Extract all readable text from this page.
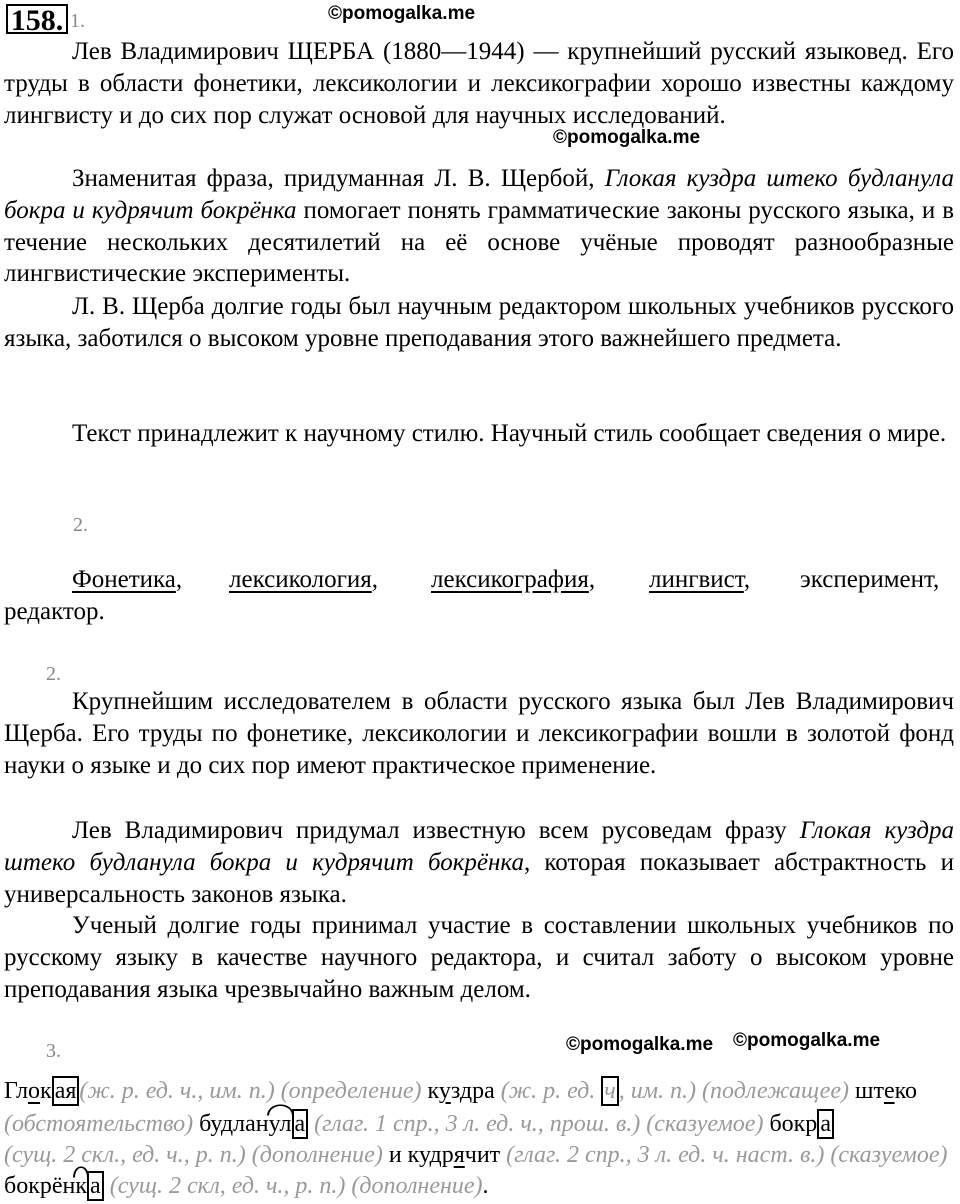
158. 1.	©pomogalka.me
Лев Владимирович ЩЕРБА (1880—1944) — крупнейший русский языковед. Его труды в области фонетики, лексикологии и лексикографии хорошо известны каждому лингвисту и до сих пор служат основой для научных исследований.
©pomogalka.me
Знаменитая фраза, придуманная Л. В. Щербой, Глокая куздра штеко будланула бокра и кудрячит бокрёнка помогает понять грамматические законы русского языка, и в течение нескольких десятилетий на её основе учёные проводят разнообразные лингвистические эксперименты.
Л. В. Щерба долгие годы был научным редактором школьных учебников русского языка, заботился о высоком уровне преподавания этого важнейшего предмета.
Текст принадлежит к научному стилю. Научный стиль сообщает сведения о мире.
2.
Фонетика, лексикология, лексикография, лингвист, эксперимент,
редактор.
2.
Крупнейшим исследователем в области русского языка был Лев Владимирович Щерба. Его труды по фонетике, лексикологии и лексикографии вошли в золотой фонд науки о языке и до сих пор имеют практическое применение.
Лев Владимирович придумал известную всем русоведам фразу Глокая куздра штеко будланула бокра и кудрячит бокрёнка, которая показывает абстрактность и универсальность законов языка.
Ученый долгие годы принимал участие в составлении школьных учебников по русскому языку в качестве научного редактора, и считал заботу о высоком уровне преподавания языка чрезвычайно важным делом.
©pomogalka.me ©pomogalka.me
3.
Глок ая (ж. р. ед. ч., им. п.) (определение) куздра (ж. р. ед. ч , им. п.) (подлежащее) штеко
(обстоятельство) будланул а (глаг. 1 спр., 3 л. ед. ч., прош. в.) (сказуемое) бокр а
(сущ. 2 скл., ед. ч., р. п.) (дополнение) и кудрячит (глаг. 2 спр., 3 л. ед. ч. наст. в.) (сказуемое)
бокрёнк а (сущ. 2 скл, ед. ч., р. п.) (дополнение).
